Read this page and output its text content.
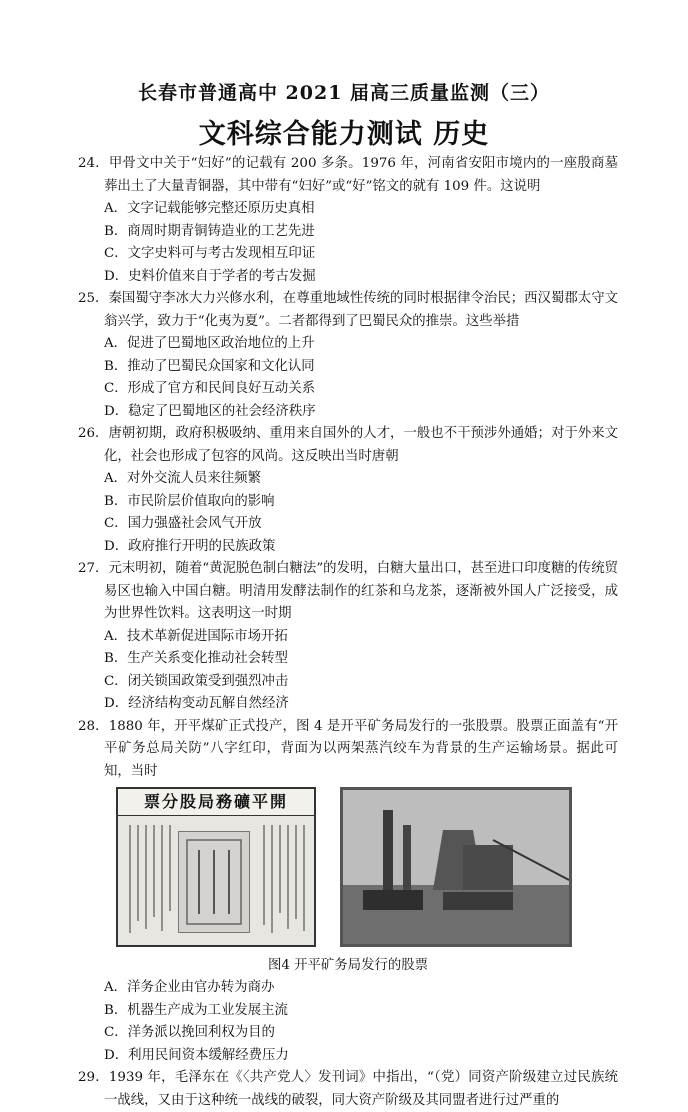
长春市普通高中 2021 届高三质量监测（三）
文科综合能力测试 历史
24．甲骨文中关于“妇好”的记载有 200 多条。1976 年，河南省安阳市境内的一座殷商墓葬出土了大量青铜器，其中带有“妇好”或“好”铭文的就有 109 件。这说明
A．文字记载能够完整还原历史真相
B．商周时期青铜铸造业的工艺先进
C．文字史料可与考古发现相互印证
D．史料价值来自于学者的考古发掘
25．秦国蜀守李冰大力兴修水利，在尊重地域性传统的同时根据律令治民；西汉蜀郡太守文翁兴学，致力于“化夷为夏”。二者都得到了巴蜀民众的推崇。这些举措
A．促进了巴蜀地区政治地位的上升
B．推动了巴蜀民众国家和文化认同
C．形成了官方和民间良好互动关系
D．稳定了巴蜀地区的社会经济秩序
26．唐朝初期，政府积极吸纳、重用来自国外的人才，一般也不干预涉外通婚；对于外来文化，社会也形成了包容的风尚。这反映出当时唐朝
A．对外交流人员来往频繁
B．市民阶层价值取向的影响
C．国力强盛社会风气开放
D．政府推行开明的民族政策
27．元末明初，随着“黄泥脱色制白糖法”的发明，白糖大量出口，甚至进口印度糖的传统贸易区也输入中国白糖。明清用发酵法制作的红茶和乌龙茶，逐渐被外国人广泛接受，成为世界性饮料。这表明这一时期
A．技术革新促进国际市场开拓
B．生产关系变化推动社会转型
C．闭关锁国政策受到强烈冲击
D．经济结构变动瓦解自然经济
28．1880 年，开平煤矿正式投产，图 4 是开平矿务局发行的一张股票。股票正面盖有“开平矿务总局关防”八字红印，背面为以两架蒸汽绞车为背景的生产运输场景。据此可知，当时
票分股局務礦平開
图4 开平矿务局发行的股票
A．洋务企业由官办转为商办
B．机器生产成为工业发展主流
C．洋务派以挽回利权为目的
D．利用民间资本缓解经费压力
29．1939 年，毛泽东在《〈共产党人〉发刊词》中指出，“（党）同资产阶级建立过民族统一战线，又由于这种统一战线的破裂，同大资产阶级及其同盟者进行过严重的
